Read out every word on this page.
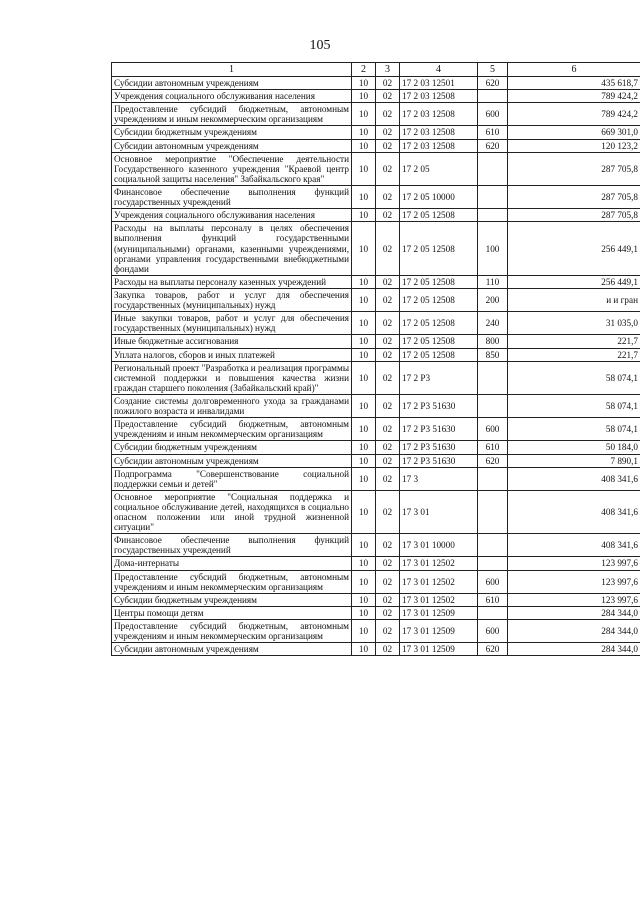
105
1	2	3	4	5	6
Субсидии автономным учреждениям	10	02	17 2 03 12501	620	435 618,7
Учреждения социального обслуживания населения	10	02	17 2 03 12508		789 424,2
Предоставление субсидий бюджетным, автономным учреждениям и иным некоммерческим организациям	10	02	17 2 03 12508	600	789 424,2
Субсидии бюджетным учреждениям	10	02	17 2 03 12508	610	669 301,0
Субсидии автономным учреждениям	10	02	17 2 03 12508	620	120 123,2
Основное мероприятие "Обеспечение деятельности Государственного казенного учреждения "Краевой центр социальной защиты населения" Забайкальского края"	10	02	17 2 05		287 705,8
Финансовое обеспечение выполнения функций государственных учреждений	10	02	17 2 05 10000		287 705,8
Учреждения социального обслуживания населения	10	02	17 2 05 12508		287 705,8
Расходы на выплаты персоналу в целях обеспечения выполнения функций государственными (муниципальными) органами, казенными учреждениями, органами управления государственными внебюджетными фондами	10	02	17 2 05 12508	100	256 449,1
Расходы на выплаты персоналу казенных учреждений	10	02	17 2 05 12508	110	256 449,1
Закупка товаров, работ и услуг для обеспечения государственных (муниципальных) нужд	10	02	17 2 05 12508	200	и и гран
Иные закупки товаров, работ и услуг для обеспечения государственных (муниципальных) нужд	10	02	17 2 05 12508	240	31 035,0
Иные бюджетные ассигнования	10	02	17 2 05 12508	800	221,7
Уплата налогов, сборов и иных платежей	10	02	17 2 05 12508	850	221,7
Региональный проект "Разработка и реализация программы системной поддержки и повышения качества жизни граждан старшего поколения (Забайкальский край)"	10	02	17 2 P3		58 074,1
Создание системы долговременного ухода за гражданами пожилого возраста и инвалидами	10	02	17 2 P3 51630		58 074,1
Предоставление субсидий бюджетным, автономным учреждениям и иным некоммерческим организациям	10	02	17 2 P3 51630	600	58 074,1
Субсидии бюджетным учреждениям	10	02	17 2 P3 51630	610	50 184,0
Субсидии автономным учреждениям	10	02	17 2 P3 51630	620	7 890,1
Подпрограмма "Совершенствование социальной поддержки семьи и детей"	10	02	17 3		408 341,6
Основное мероприятие "Социальная поддержка и социальное обслуживание детей, находящихся в социально опасном положении или иной трудной жизненной ситуации"	10	02	17 3 01		408 341,6
Финансовое обеспечение выполнения функций государственных учреждений	10	02	17 3 01 10000		408 341,6
Дома-интернаты	10	02	17 3 01 12502		123 997,6
Предоставление субсидий бюджетным, автономным учреждениям и иным некоммерческим организациям	10	02	17 3 01 12502	600	123 997,6
Субсидии бюджетным учреждениям	10	02	17 3 01 12502	610	123 997,6
Центры помощи детям	10	02	17 3 01 12509		284 344,0
Предоставление субсидий бюджетным, автономным учреждениям и иным некоммерческим организациям	10	02	17 3 01 12509	600	284 344,0
Субсидии автономным учреждениям	10	02	17 3 01 12509	620	284 344,0
